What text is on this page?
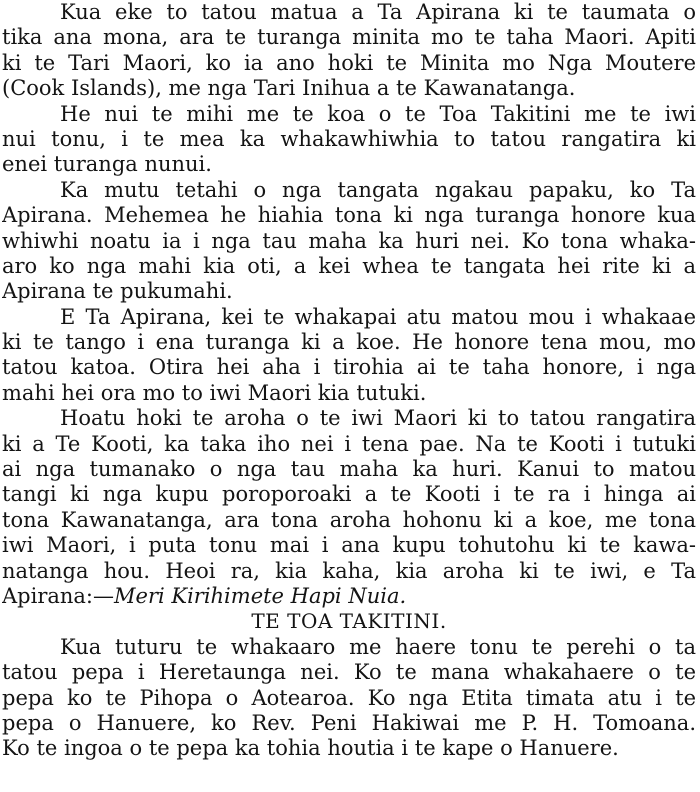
Kua eke to tatou matua a Ta Apirana ki te taumata o
tika ana mona, ara te turanga minita mo te taha Maori. Apiti
ki te Tari Maori, ko ia ano hoki te Minita mo Nga Moutere
(Cook Islands), me nga Tari Inihua a te Kawanatanga.
He nui te mihi me te koa o te Toa Takitini me te iwi
nui tonu, i te mea ka whakawhiwhia to tatou rangatira ki
enei turanga nunui.
Ka mutu tetahi o nga tangata ngakau papaku, ko Ta
Apirana. Mehemea he hiahia tona ki nga turanga honore kua
whiwhi noatu ia i nga tau maha ka huri nei. Ko tona whaka-
aro ko nga mahi kia oti, a kei whea te tangata hei rite ki a
Apirana te pukumahi.
E Ta Apirana, kei te whakapai atu matou mou i whakaae
ki te tango i ena turanga ki a koe. He honore tena mou, mo
tatou katoa. Otira hei aha i tirohia ai te taha honore, i nga
mahi hei ora mo to iwi Maori kia tutuki.
Hoatu hoki te aroha o te iwi Maori ki to tatou rangatira
ki a Te Kooti, ka taka iho nei i tena pae. Na te Kooti i tutuki
ai nga tumanako o nga tau maha ka huri. Kanui to matou
tangi ki nga kupu poroporoaki a te Kooti i te ra i hinga ai
tona Kawanatanga, ara tona aroha hohonu ki a koe, me tona
iwi Maori, i puta tonu mai i ana kupu tohutohu ki te kawa-
natanga hou. Heoi ra, kia kaha, kia aroha ki te iwi, e Ta
Apirana:—Meri Kirihimete Hapi Nuia.
TE TOA TAKITINI.
Kua tuturu te whakaaro me haere tonu te perehi o ta
tatou pepa i Heretaunga nei. Ko te mana whakahaere o te
pepa ko te Pihopa o Aotearoa. Ko nga Etita timata atu i te
pepa o Hanuere, ko Rev. Peni Hakiwai me P. H. Tomoana.
Ko te ingoa o te pepa ka tohia houtia i te kape o Hanuere.
